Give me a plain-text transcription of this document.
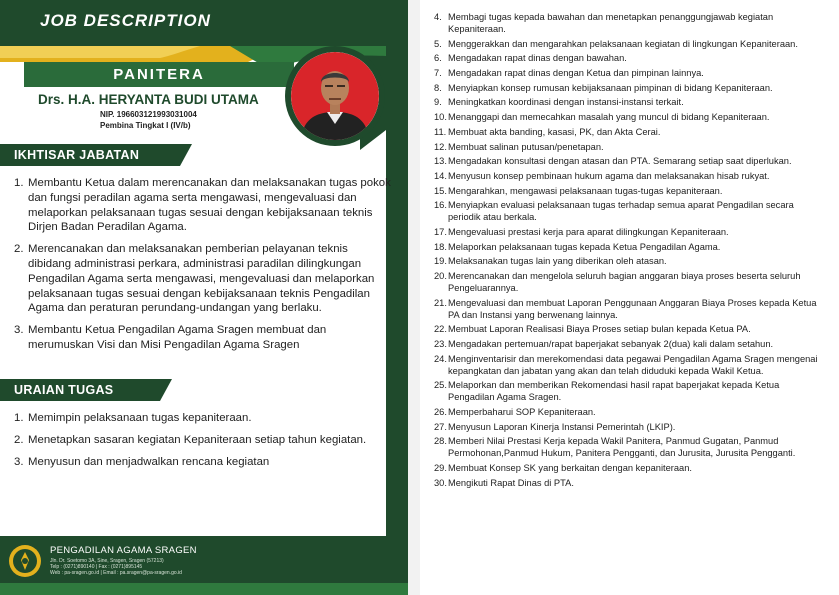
JOB DESCRIPTION
PANITERA
Drs. H.A. HERYANTA BUDI UTAMA
NIP. 196603121993031004
Pembina Tingkat I (IV/b)
IKHTISAR JABATAN
1. Membantu Ketua dalam merencanakan dan melaksanakan tugas pokok dan fungsi peradilan agama serta mengawasi, mengevaluasi dan melaporkan pelaksanaan tugas sesuai dengan kebijaksanaan teknis Dirjen Badan Peradilan Agama.
2. Merencanakan dan melaksanakan pemberian pelayanan teknis dibidang administrasi perkara, administrasi paradilan dilingkungan Pengadilan Agama serta mengawasi, mengevaluasi dan melaporkan pelaksanaan tugas sesuai dengan kebijaksanaan teknis Pengadilan Agama dan peraturan perundang-undangan yang berlaku.
3. Membantu Ketua Pengadilan Agama Sragen membuat dan merumuskan Visi dan Misi Pengadilan Agama Sragen
URAIAN TUGAS
1. Memimpin pelaksanaan tugas kepaniteraan.
2. Menetapkan sasaran kegiatan Kepaniteraan setiap tahun kegiatan.
3. Menyusun dan menjadwalkan rencana kegiatan
PENGADILAN AGAMA SRAGEN
Jln. Dr. Soetomo 3A, Sine, Sragen, Sragen (57213)
Telp : (0271)890140 | Fax : (0271)895145
Web : pa-sragen.go.id | Email : pa.sragen@pa-sragen.go.id
4. Membagi tugas kepada bawahan dan menetapkan penanggungjawab kegiatan Kepaniteraan.
5. Menggerakkan dan mengarahkan pelaksanaan kegiatan di lingkungan Kepaniteraan.
6. Mengadakan rapat dinas dengan bawahan.
7. Mengadakan rapat dinas dengan Ketua dan pimpinan lainnya.
8. Menyiapkan konsep rumusan kebijaksanaan pimpinan di bidang Kepaniteraan.
9. Meningkatkan koordinasi dengan instansi-instansi terkait.
10. Menanggapi dan memecahkan masalah yang muncul di bidang Kepaniteraan.
11. Membuat akta banding, kasasi, PK, dan Akta Cerai.
12. Membuat salinan putusan/penetapan.
13. Mengadakan konsultasi dengan atasan dan PTA. Semarang setiap saat diperlukan.
14. Menyusun konsep pembinaan hukum agama dan melaksanakan hisab rukyat.
15. Mengarahkan, mengawasi pelaksanaan tugas-tugas kepaniteraan.
16. Menyiapkan evaluasi pelaksanaan tugas terhadap semua aparat Pengadilan secara periodik atau berkala.
17. Mengevaluasi prestasi kerja para aparat dilingkungan Kepaniteraan.
18. Melaporkan pelaksanaan tugas kepada Ketua Pengadilan Agama.
19. Melaksanakan tugas lain yang diberikan oleh atasan.
20. Merencanakan dan mengelola seluruh bagian anggaran biaya proses beserta seluruh Pengeluarannya.
21. Mengevaluasi dan membuat Laporan Penggunaan Anggaran Biaya Proses kepada Ketua PA dan Instansi yang berwenang lainnya.
22. Membuat Laporan Realisasi Biaya Proses setiap bulan kepada Ketua PA.
23. Mengadakan pertemuan/rapat baperjakat sebanyak 2(dua) kali dalam setahun.
24. Menginventarisir dan merekomendasi data pegawai Pengadilan Agama Sragen mengenai kepangkatan dan jabatan yang akan dan telah diduduki kepada Wakil Ketua.
25. Melaporkan dan memberikan Rekomendasi hasil rapat baperjakat kepada Ketua Pengadilan Agama Sragen.
26. Memperbaharui SOP Kepaniteraan.
27. Menyusun Laporan Kinerja Instansi Pemerintah (LKIP).
28. Memberi Nilai Prestasi Kerja kepada Wakil Panitera, Panmud Gugatan, Panmud Permohonan,Panmud Hukum, Panitera Pengganti, dan Jurusita, Jurusita Pengganti.
29. Membuat Konsep SK yang berkaitan dengan kepaniteraan.
30. Mengikuti Rapat Dinas di PTA.
